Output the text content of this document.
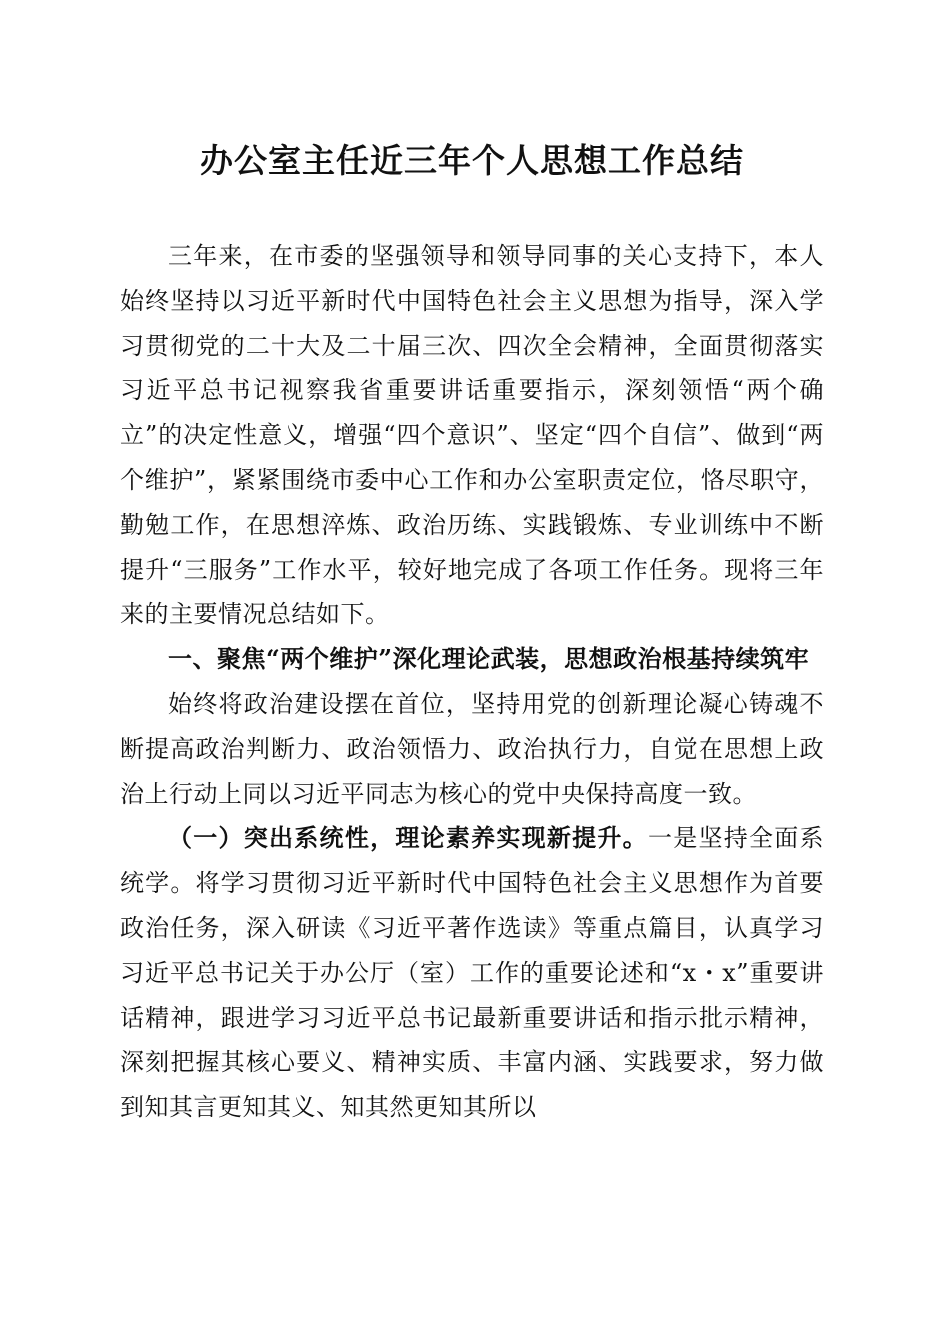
办公室主任近三年个人思想工作总结

三年来，在市委的坚强领导和领导同事的关心支持下，本人始终坚持以习近平新时代中国特色社会主义思想为指导，深入学习贯彻党的二十大及二十届三次、四次全会精神，全面贯彻落实习近平总书记视察我省重要讲话重要指示，深刻领悟“两个确立”的决定性意义，增强“四个意识”、坚定“四个自信”、做到“两个维护”，紧紧围绕市委中心工作和办公室职责定位，恪尽职守，勤勉工作，在思想淬炼、政治历练、实践锻炼、专业训练中不断提升“三服务”工作水平，较好地完成了各项工作任务。现将三年来的主要情况总结如下。

一、聚焦“两个维护”深化理论武装，思想政治根基持续筑牢

始终将政治建设摆在首位，坚持用党的创新理论凝心铸魂不断提高政治判断力、政治领悟力、政治执行力，自觉在思想上政治上行动上同以习近平同志为核心的党中央保持高度一致。

（一）突出系统性，理论素养实现新提升。一是坚持全面系统学。将学习贯彻习近平新时代中国特色社会主义思想作为首要政治任务，深入研读《习近平著作选读》等重点篇目，认真学习习近平总书记关于办公厅（室）工作的重要论述和“x・x”重要讲话精神，跟进学习习近平总书记最新重要讲话和指示批示精神，深刻把握其核心要义、精神实质、丰富内涵、实践要求，努力做到知其言更知其义、知其然更知其所以
